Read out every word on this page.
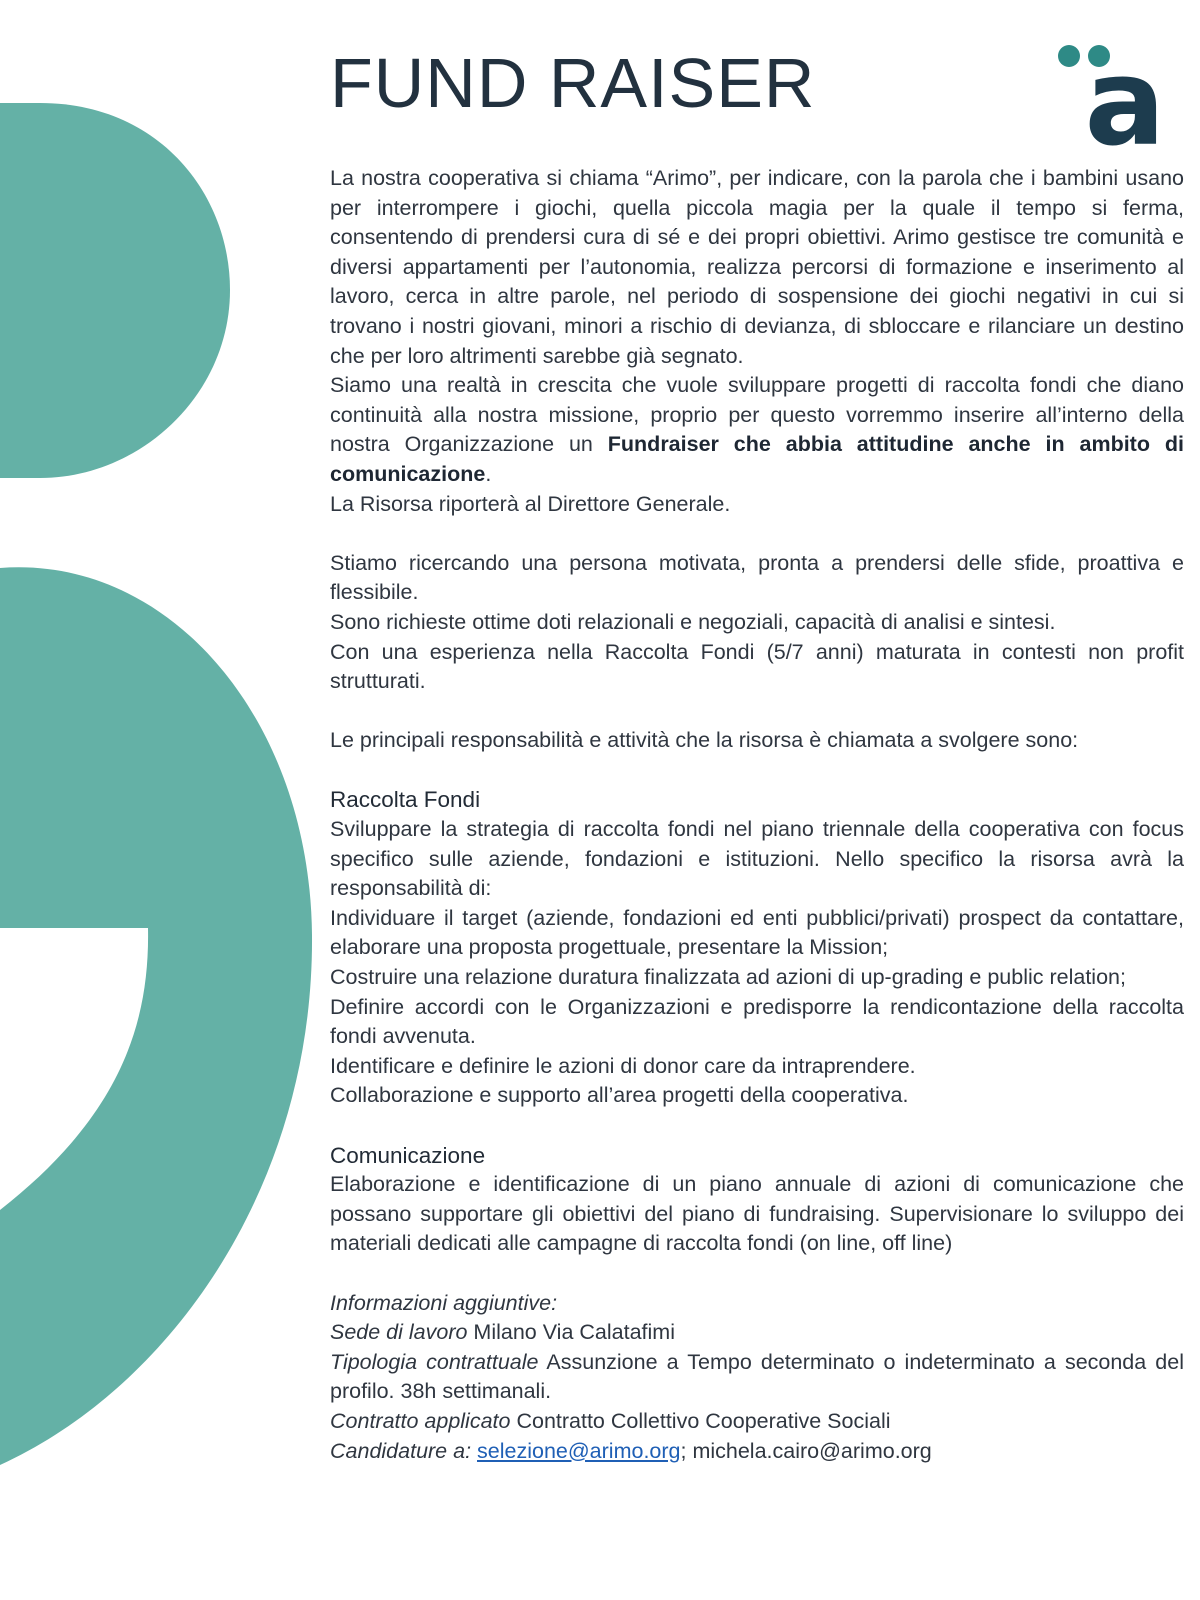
a
FUND RAISER

La nostra cooperativa si chiama “Arimo”, per indicare, con la parola che i bambini usano per interrompere i giochi, quella piccola magia per la quale il tempo si ferma, consentendo di prendersi cura di sé e dei propri obiettivi. Arimo gestisce tre comunità e diversi appartamenti per l’autonomia, realizza percorsi di formazione e inserimento al lavoro, cerca in altre parole, nel periodo di sospensione dei giochi negativi in cui si trovano i nostri giovani, minori a rischio di devianza, di sbloccare e rilanciare un destino che per loro altrimenti sarebbe già segnato.

Siamo una realtà in crescita che vuole sviluppare progetti di raccolta fondi che diano continuità alla nostra missione, proprio per questo vorremmo inserire all’interno della nostra Organizzazione un Fundraiser che abbia attitudine anche in ambito di comunicazione.

La Risorsa riporterà al Direttore Generale.

Stiamo ricercando una persona motivata, pronta a prendersi delle sfide, proattiva e flessibile.

Sono richieste ottime doti relazionali e negoziali, capacità di analisi e sintesi.

Con una esperienza nella Raccolta Fondi (5/7 anni) maturata in contesti non profit strutturati.

Le principali responsabilità e attività che la risorsa è chiamata a svolgere sono:

Raccolta Fondi

Sviluppare la strategia di raccolta fondi nel piano triennale della cooperativa con focus specifico sulle aziende, fondazioni e istituzioni. Nello specifico la risorsa avrà la responsabilità di:

Individuare il target (aziende, fondazioni ed enti pubblici/privati) prospect da contattare, elaborare una proposta progettuale, presentare la Mission;

Costruire una relazione duratura finalizzata ad azioni di up-grading e public relation;

Definire accordi con le Organizzazioni e predisporre la rendicontazione della raccolta fondi avvenuta.

Identificare e definire le azioni di donor care da intraprendere.

Collaborazione e supporto all’area progetti della cooperativa.

Comunicazione

Elaborazione e identificazione di un piano annuale di azioni di comunicazione che possano supportare gli obiettivi del piano di fundraising. Supervisionare lo sviluppo dei materiali dedicati alle campagne di raccolta fondi (on line, off line)

Informazioni aggiuntive:

Sede di lavoro Milano Via Calatafimi

Tipologia contrattuale Assunzione a Tempo determinato o indeterminato a seconda del profilo. 38h settimanali.

Contratto applicato Contratto Collettivo Cooperative Sociali

Candidature a: selezione@arimo.org; michela.cairo@arimo.org
